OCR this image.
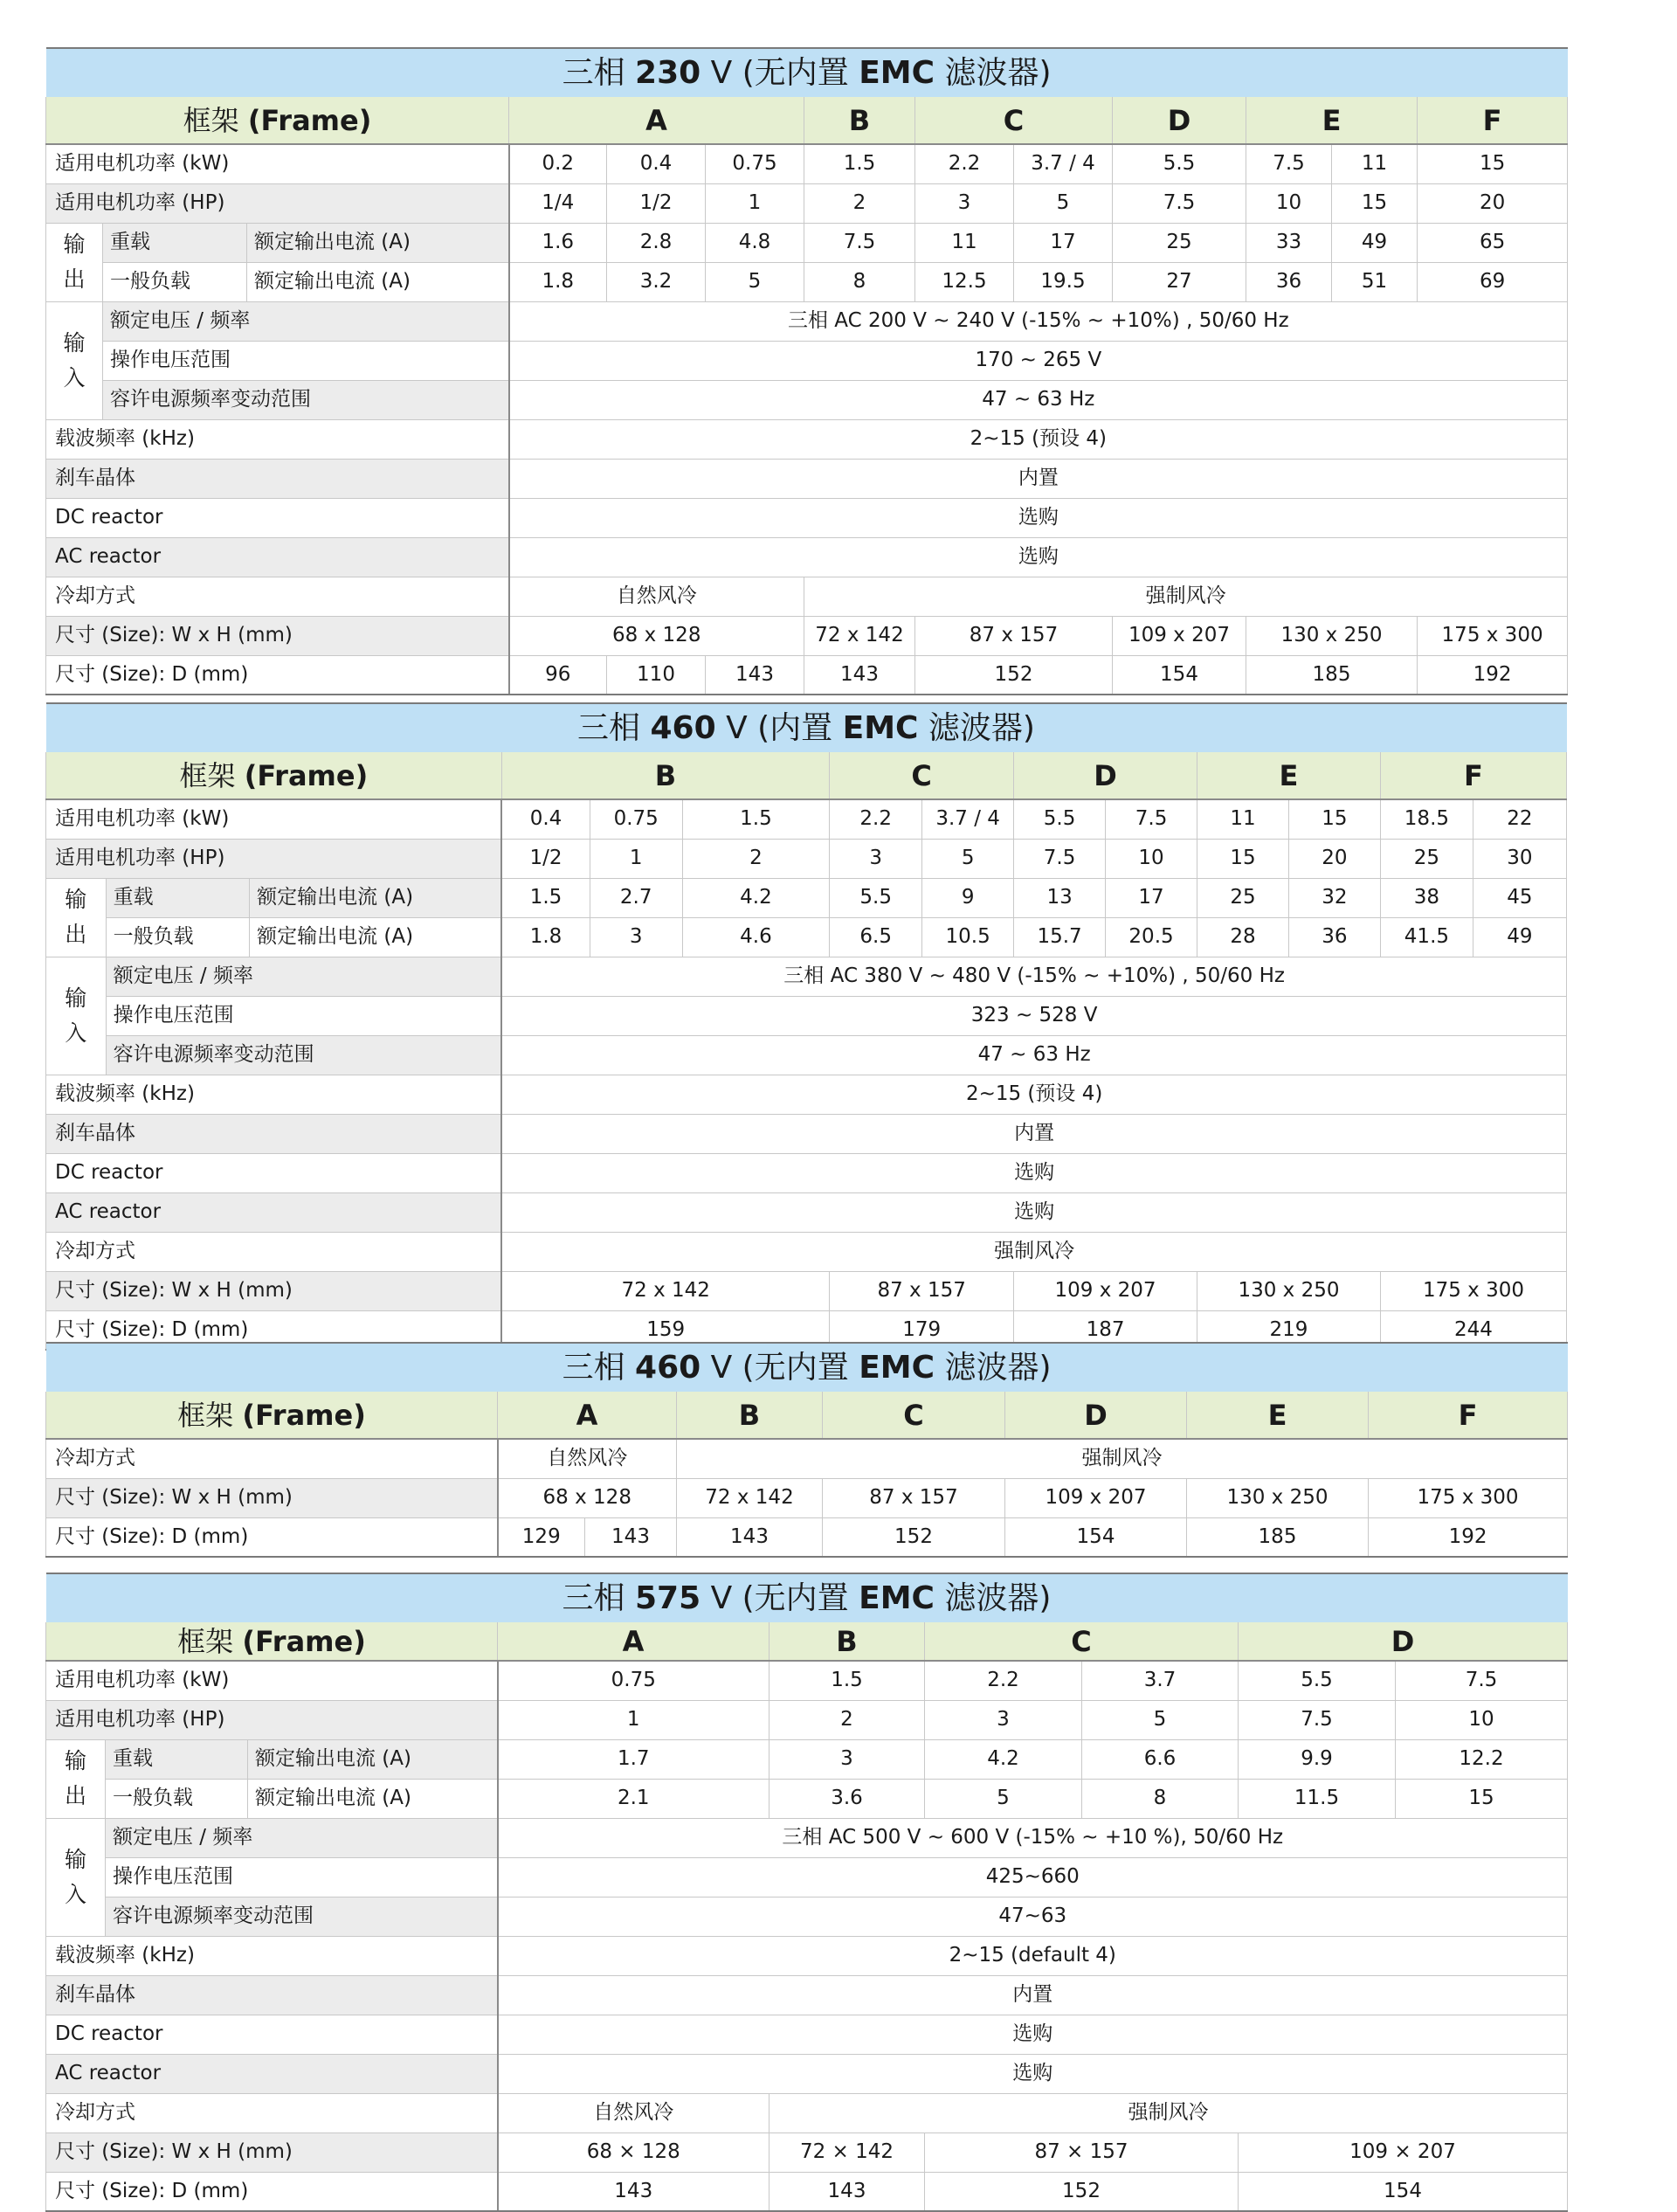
三相 230 V (无内置 EMC 滤波器)												
框架 (Frame)			A			B	C		D	E		F
适用电机功率 (kW)			0.2	0.4	0.75	1.5	2.2	3.7 / 4	5.5	7.5	11	15
适用电机功率 (HP)			1/4	1/2	1	2	3	5	7.5	10	15	20
输
出	重载	额定输出电流 (A)	1.6	2.8	4.8	7.5	11	17	25	33	49	65
	一般负载	额定输出电流 (A)	1.8	3.2	5	8	12.5	19.5	27	36	51	69
输
入	额定电压 / 频率		三相 AC 200 V ~ 240 V (-15% ~ +10%) , 50/60 Hz									
	操作电压范围		170 ~ 265 V									
	容许电源频率变动范围		47 ~ 63 Hz									
载波频率 (kHz)			2~15 (预设 4)									
刹车晶体			内置									
DC reactor			选购									
AC reactor			选购									
冷却方式			自然风冷			强制风冷						
尺寸 (Size): W x H (mm)			68 x 128			72 x 142	87 x 157		109 x 207	130 x 250		175 x 300
尺寸 (Size): D (mm)			96	110	143	143	152		154	185		192
三相 460 V (内置 EMC 滤波器)													
框架 (Frame)			B			C		D		E		F	
适用电机功率 (kW)			0.4	0.75	1.5	2.2	3.7 / 4	5.5	7.5	11	15	18.5	22
适用电机功率 (HP)			1/2	1	2	3	5	7.5	10	15	20	25	30
输
出	重载	额定输出电流 (A)	1.5	2.7	4.2	5.5	9	13	17	25	32	38	45
	一般负载	额定输出电流 (A)	1.8	3	4.6	6.5	10.5	15.7	20.5	28	36	41.5	49
输
入	额定电压 / 频率		三相 AC 380 V ~ 480 V (-15% ~ +10%) , 50/60 Hz										
	操作电压范围		323 ~ 528 V										
	容许电源频率变动范围		47 ~ 63 Hz										
载波频率 (kHz)			2~15 (预设 4)										
刹车晶体			内置										
DC reactor			选购										
AC reactor			选购										
冷却方式			强制风冷										
尺寸 (Size): W x H (mm)			72 x 142			87 x 157		109 x 207		130 x 250		175 x 300	
尺寸 (Size): D (mm)			159			179		187		219		244	
三相 460 V (无内置 EMC 滤波器)							
框架 (Frame)	A		B	C	D	E	F
冷却方式	自然风冷		强制风冷				
尺寸 (Size): W x H (mm)	68 x 128		72 x 142	87 x 157	109 x 207	130 x 250	175 x 300
尺寸 (Size): D (mm)	129	143	143	152	154	185	192
三相 575 V (无内置 EMC 滤波器)								
框架 (Frame)			A	B	C		D	
适用电机功率 (kW)			0.75	1.5	2.2	3.7	5.5	7.5
适用电机功率 (HP)			1	2	3	5	7.5	10
输
出	重载	额定输出电流 (A)	1.7	3	4.2	6.6	9.9	12.2
	一般负载	额定输出电流 (A)	2.1	3.6	5	8	11.5	15
输
入	额定电压 / 频率		三相 AC 500 V ~ 600 V (-15% ~ +10 %), 50/60 Hz					
	操作电压范围		425~660					
	容许电源频率变动范围		47~63					
载波频率 (kHz)			2~15 (default 4)					
刹车晶体			内置					
DC reactor			选购					
AC reactor			选购					
冷却方式			自然风冷	强制风冷				
尺寸 (Size): W x H (mm)			68 × 128	72 × 142	87 × 157		109 × 207	
尺寸 (Size): D (mm)			143	143	152		154	
